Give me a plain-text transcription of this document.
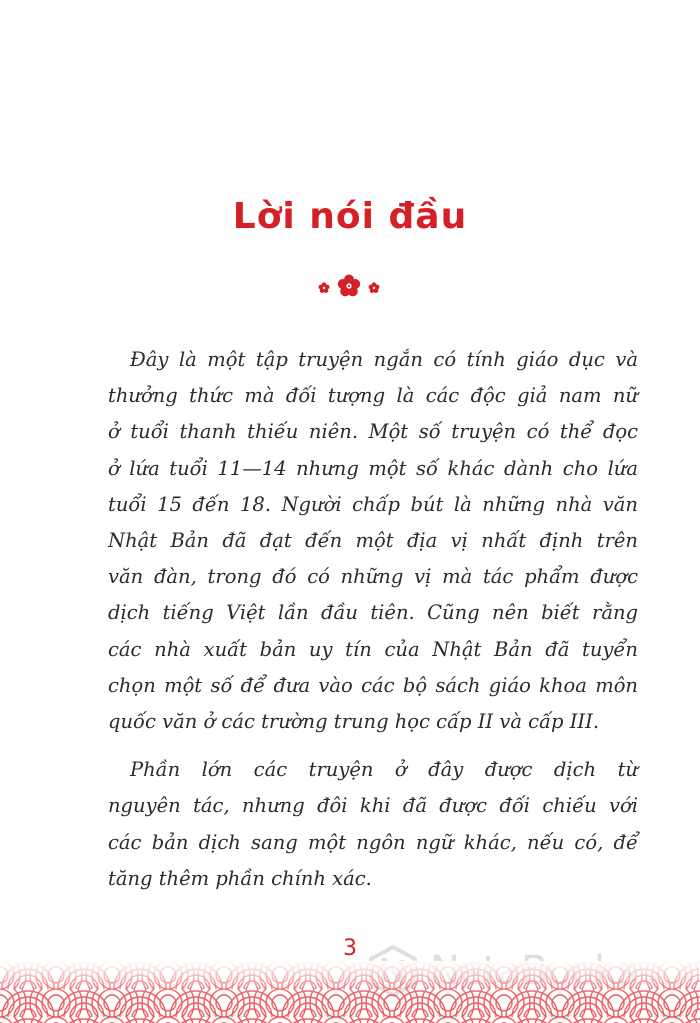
Lời nói đầu
Đây là một tập truyện ngắn có tính giáo dục và
thưởng thức mà đối tượng là các độc giả nam nữ
ở tuổi thanh thiếu niên. Một số truyện có thể đọc
ở lứa tuổi 11—14 nhưng một số khác dành cho lứa
tuổi 15 đến 18. Người chấp bút là những nhà văn
Nhật Bản đã đạt đến một địa vị nhất định trên
văn đàn, trong đó có những vị mà tác phẩm được
dịch tiếng Việt lần đầu tiên. Cũng nên biết rằng
các nhà xuất bản uy tín của Nhật Bản đã tuyển
chọn một số để đưa vào các bộ sách giáo khoa môn
quốc văn ở các trường trung học cấp II và cấp III.
Phần lớn các truyện ở đây được dịch từ
nguyên tác, nhưng đôi khi đã được đối chiếu với
các bản dịch sang một ngôn ngữ khác, nếu có, để
tăng thêm phần chính xác.
3
